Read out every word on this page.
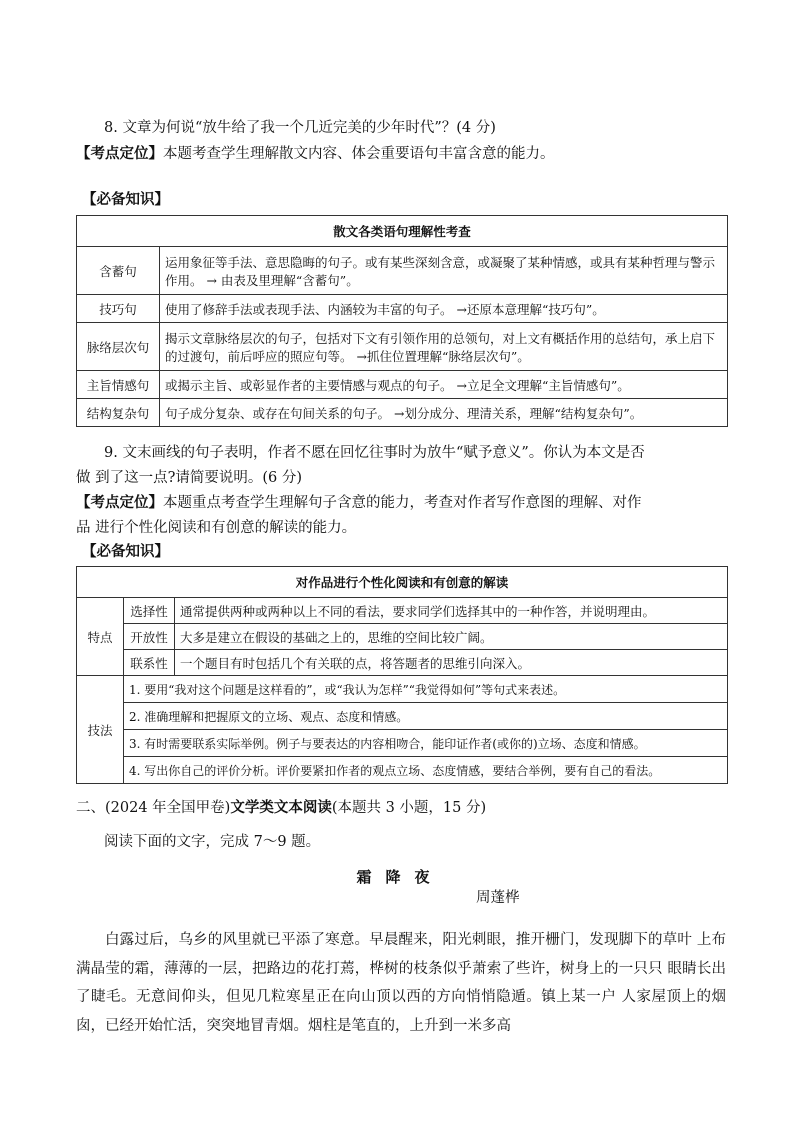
8. 文章为何说“放牛给了我一个几近完美的少年时代”？(4 分)

【考点定位】本题考查学生理解散文内容、体会重要语句丰富含意的能力。

【必备知识】

散文各类语句理解性考查	
含蓄句	运用象征等手法、意思隐晦的句子。或有某些深刻含意，或凝聚了某种情感，或具有某种哲理与警示作用。 → 由表及里理解“含蓄句”。
技巧句	使用了修辞手法或表现手法、内涵较为丰富的句子。 →还原本意理解“技巧句”。
脉络层次句	揭示文章脉络层次的句子，包括对下文有引领作用的总领句，对上文有概括作用的总结句，承上启下的过渡句，前后呼应的照应句等。 →抓住位置理解“脉络层次句”。
主旨情感句	或揭示主旨、或彰显作者的主要情感与观点的句子。 →立足全文理解“主旨情感句”。
结构复杂句	句子成分复杂、或存在句间关系的句子。 →划分成分、理清关系，理解“结构复杂句”。

9. 文末画线的句子表明，作者不愿在回忆往事时为放牛“赋予意义”。你认为本文是否

做 到了这一点?请简要说明。(6 分)

【考点定位】本题重点考查学生理解句子含意的能力，考查对作者写作意图的理解、对作

品 进行个性化阅读和有创意的解读的能力。

【必备知识】

对作品进行个性化阅读和有创意的解读		
特点	选择性	通常提供两种或两种以上不同的看法，要求同学们选择其中的一种作答，并说明理由。
	开放性	大多是建立在假设的基础之上的，思维的空间比较广阔。
	联系性	一个题目有时包括几个有关联的点，将答题者的思维引向深入。
技法	1. 要用“我对这个问题是这样看的”，或“我认为怎样”“我觉得如何”等句式来表述。	
	2. 准确理解和把握原文的立场、观点、态度和情感。	
	3. 有时需要联系实际举例。例子与要表达的内容相吻合，能印证作者(或你的)立场、态度和情感。	
	4. 写出你自己的评价分析。评价要紧扣作者的观点立场、态度情感，要结合举例，要有自己的看法。	

二、(2024 年全国甲卷)文学类文本阅读(本题共 3 小题，15 分)

阅读下面的文字，完成 7～9 题。

霜降夜

周蓬桦

白露过后，乌乡的风里就已平添了寒意。早晨醒来，阳光刺眼，推开栅门，发现脚下的草叶 上布满晶莹的霜，薄薄的一层，把路边的花打蔫，桦树的枝条似乎萧索了些许，树身上的一只只 眼睛长出了睫毛。无意间仰头，但见几粒寒星正在向山顶以西的方向悄悄隐遁。镇上某一户 人家屋顶上的烟囱，已经开始忙活，突突地冒青烟。烟柱是笔直的，上升到一米多高
